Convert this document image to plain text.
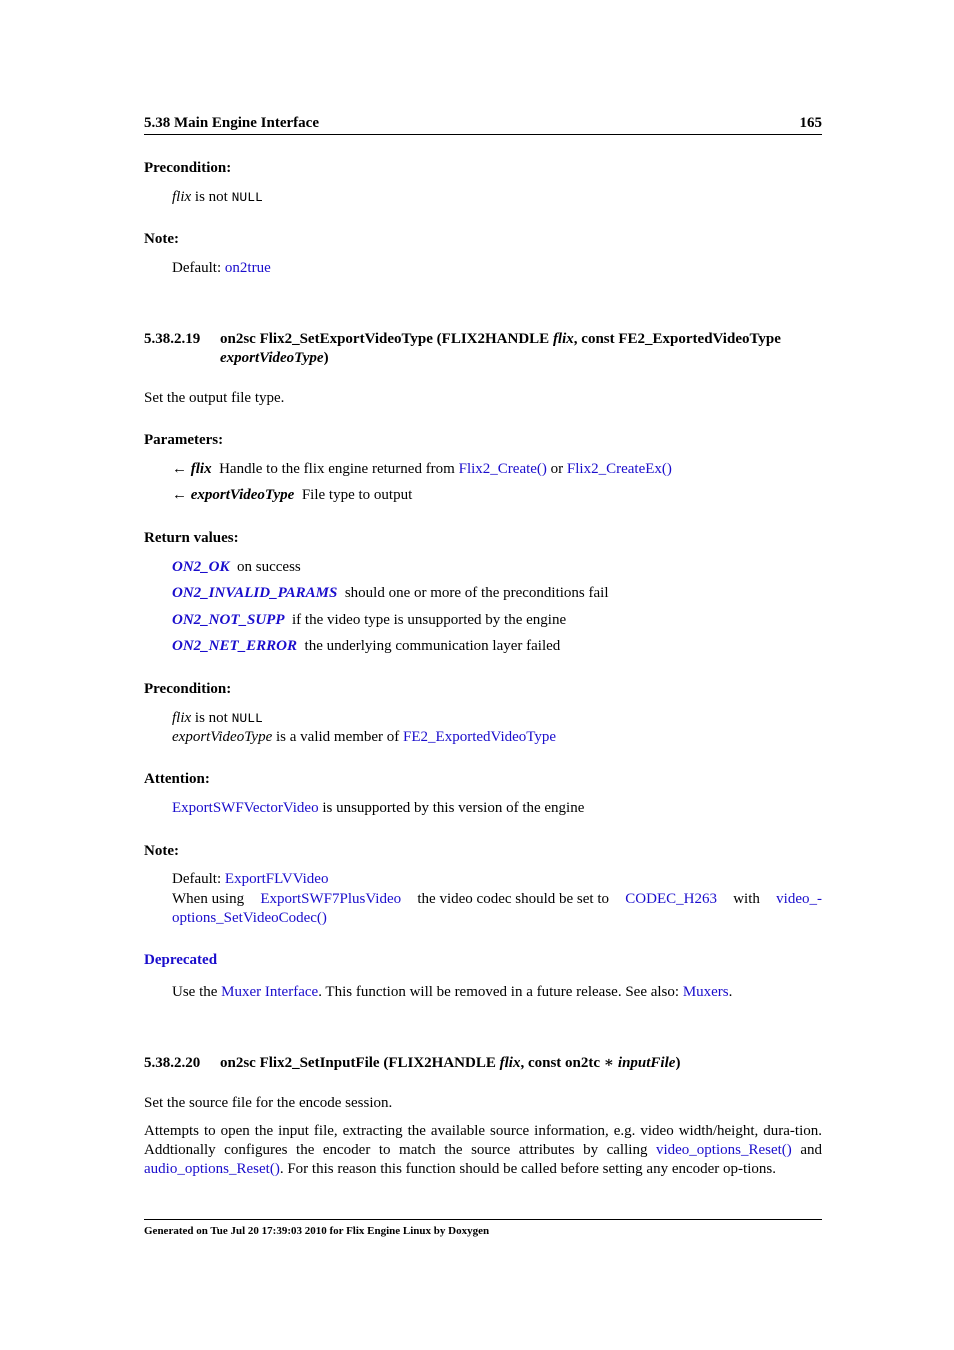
5.38 Main Engine Interface	165
Precondition:
flix is not NULL
Note:
Default: on2true
5.38.2.19 on2sc Flix2_SetExportVideoType (FLIX2HANDLE flix, const FE2_ExportedVideoType
exportVideoType)
Set the output file type.
Parameters:
← flix Handle to the flix engine returned from Flix2_Create() or Flix2_CreateEx()
← exportVideoType File type to output
Return values:
ON2_OK on success
ON2_INVALID_PARAMS should one or more of the preconditions fail
ON2_NOT_SUPP if the video type is unsupported by the engine
ON2_NET_ERROR the underlying communication layer failed
Precondition:
flix is not NULL
exportVideoType is a valid member of FE2_ExportedVideoType
Attention:
ExportSWFVectorVideo is unsupported by this version of the engine
Note:
Default: ExportFLVVideo
When using ExportSWF7PlusVideo the video codec should be set to CODEC_H263 with video_-
options_SetVideoCodec()
Deprecated
Use the Muxer Interface. This function will be removed in a future release. See also: Muxers.
5.38.2.20 on2sc Flix2_SetInputFile (FLIX2HANDLE flix, const on2tc ∗ inputFile)
Set the source file for the encode session.
Attempts to open the input file, extracting the available source information, e.g. video width/height, dura-tion. Addtionally configures the encoder to match the source attributes by calling video_options_Reset() and audio_options_Reset(). For this reason this function should be called before setting any encoder op-tions.
Generated on Tue Jul 20 17:39:03 2010 for Flix Engine Linux by Doxygen
